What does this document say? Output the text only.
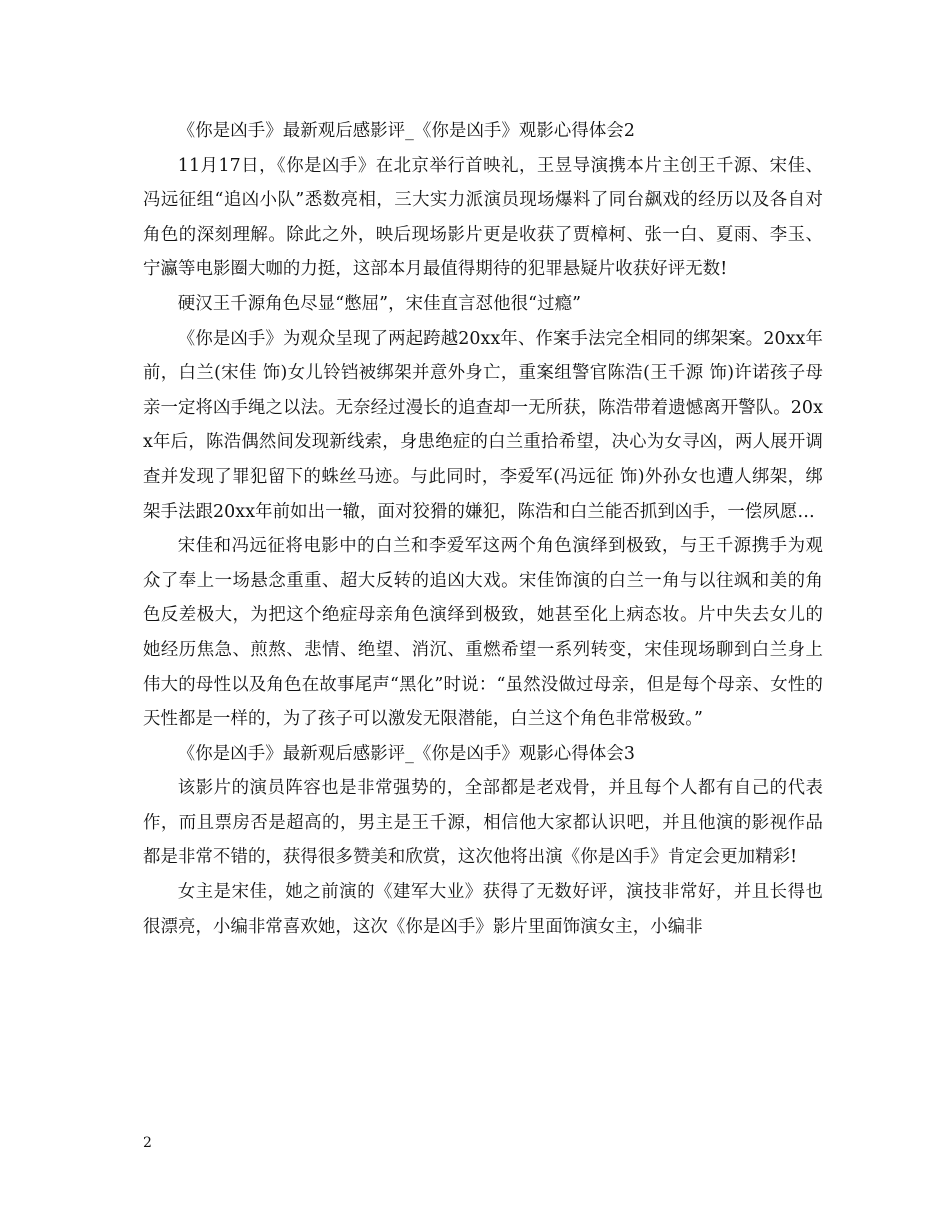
《你是凶手》最新观后感影评_《你是凶手》观影心得体会2

11月17日，《你是凶手》在北京举行首映礼，王昱导演携本片主创王千源、宋佳、冯远征组“追凶小队”悉数亮相，三大实力派演员现场爆料了同台飙戏的经历以及各自对角色的深刻理解。除此之外，映后现场影片更是收获了贾樟柯、张一白、夏雨、李玉、宁瀛等电影圈大咖的力挺，这部本月最值得期待的犯罪悬疑片收获好评无数!

硬汉王千源角色尽显“憋屈”，宋佳直言怼他很“过瘾”

《你是凶手》为观众呈现了两起跨越20xx年、作案手法完全相同的绑架案。20xx年前，白兰(宋佳 饰)女儿铃铛被绑架并意外身亡，重案组警官陈浩(王千源 饰)许诺孩子母亲一定将凶手绳之以法。无奈经过漫长的追查却一无所获，陈浩带着遗憾离开警队。20xx年后，陈浩偶然间发现新线索，身患绝症的白兰重拾希望，决心为女寻凶，两人展开调查并发现了罪犯留下的蛛丝马迹。与此同时，李爱军(冯远征 饰)外孙女也遭人绑架，绑架手法跟20xx年前如出一辙，面对狡猾的嫌犯，陈浩和白兰能否抓到凶手，一偿夙愿…

宋佳和冯远征将电影中的白兰和李爱军这两个角色演绎到极致，与王千源携手为观众了奉上一场悬念重重、超大反转的追凶大戏。宋佳饰演的白兰一角与以往飒和美的角色反差极大，为把这个绝症母亲角色演绎到极致，她甚至化上病态妆。片中失去女儿的她经历焦急、煎熬、悲情、绝望、消沉、重燃希望一系列转变，宋佳现场聊到白兰身上伟大的母性以及角色在故事尾声“黑化”时说：“虽然没做过母亲，但是每个母亲、女性的天性都是一样的，为了孩子可以激发无限潜能，白兰这个角色非常极致。”

《你是凶手》最新观后感影评_《你是凶手》观影心得体会3

该影片的演员阵容也是非常强势的，全部都是老戏骨，并且每个人都有自己的代表作，而且票房否是超高的，男主是王千源，相信他大家都认识吧，并且他演的影视作品都是非常不错的，获得很多赞美和欣赏，这次他将出演《你是凶手》肯定会更加精彩!

女主是宋佳，她之前演的《建军大业》获得了无数好评，演技非常好，并且长得也很漂亮，小编非常喜欢她，这次《你是凶手》影片里面饰演女主，小编非

2
